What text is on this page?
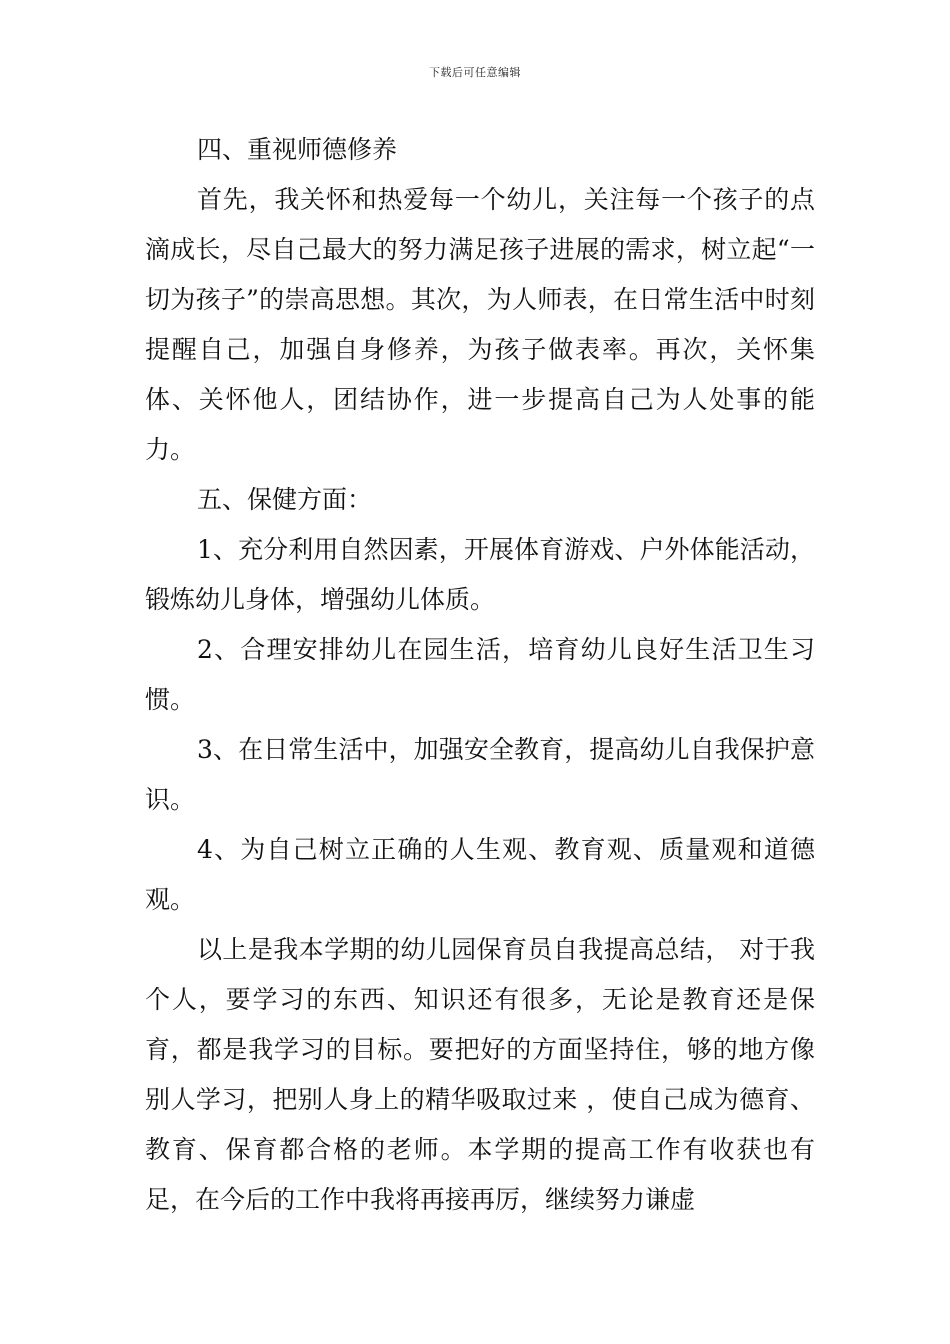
下载后可任意编辑

四、重视师德修养

首先，我关怀和热爱每一个幼儿，关注每一个孩子的点滴成长，尽自己最大的努力满足孩子进展的需求，树立起“一切为孩子”的崇高思想。其次，为人师表，在日常生活中时刻提醒自己，加强自身修养，为孩子做表率。再次，关怀集体、关怀他人，团结协作，进一步提高自己为人处事的能力。

五、保健方面：

1、充分利用自然因素，开展体育游戏、户外体能活动，锻炼幼儿身体，增强幼儿体质。

2、合理安排幼儿在园生活，培育幼儿良好生活卫生习惯。

3、在日常生活中，加强安全教育，提高幼儿自我保护意识。

4、为自己树立正确的人生观、教育观、质量观和道德观。

以上是我本学期的幼儿园保育员自我提高总结， 对于我个人，要学习的东西、知识还有很多，无论是教育还是保育，都是我学习的目标。要把好的方面坚持住，够的地方像别人学习，把别人身上的精华吸取过来 ，使自己成为德育、教育、保育都合格的老师。本学期的提高工作有收获也有足，在今后的工作中我将再接再厉，继续努力谦虚
